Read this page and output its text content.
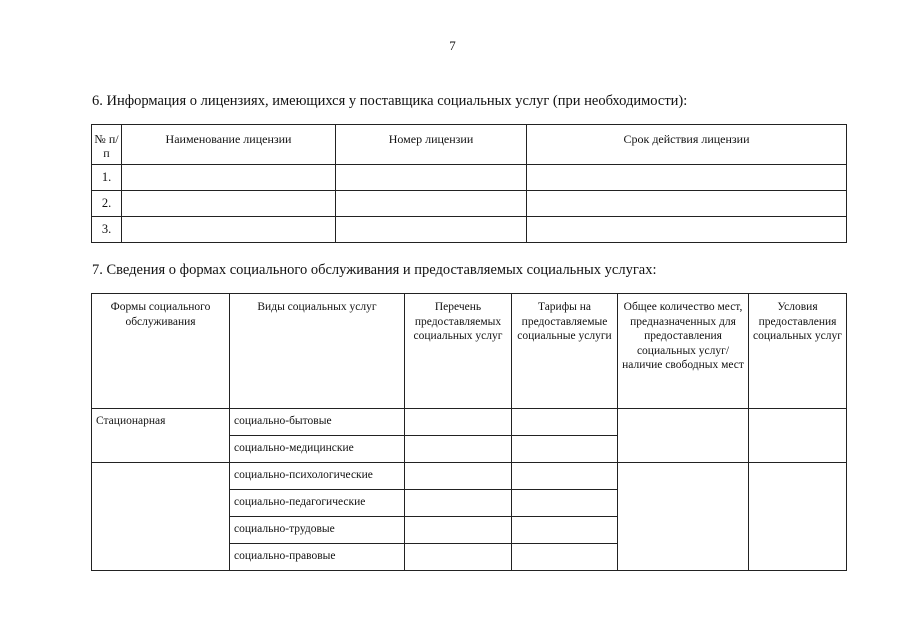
7
6. Информация о лицензиях, имеющихся у поставщика социальных услуг (при необходимости):
№ п/п	Наименование лицензии	Номер лицензии	Срок действия лицензии
1.			
2.			
3.			
7. Сведения о формах социального обслуживания и предоставляемых социальных услугах:
Формы социального обслуживания	Виды социальных услуг	Перечень предоставляемых социальных услуг	Тарифы на предоставляемые социальные услуги	Общее количество мест, предназначенных для предоставления социальных услуг/наличие свободных мест	Условия предоставления социальных услуг
Стационарная	социально-бытовые				
	социально-медицинские				
	социально-психологические				
	социально-педагогические				
	социально-трудовые				
	социально-правовые				
